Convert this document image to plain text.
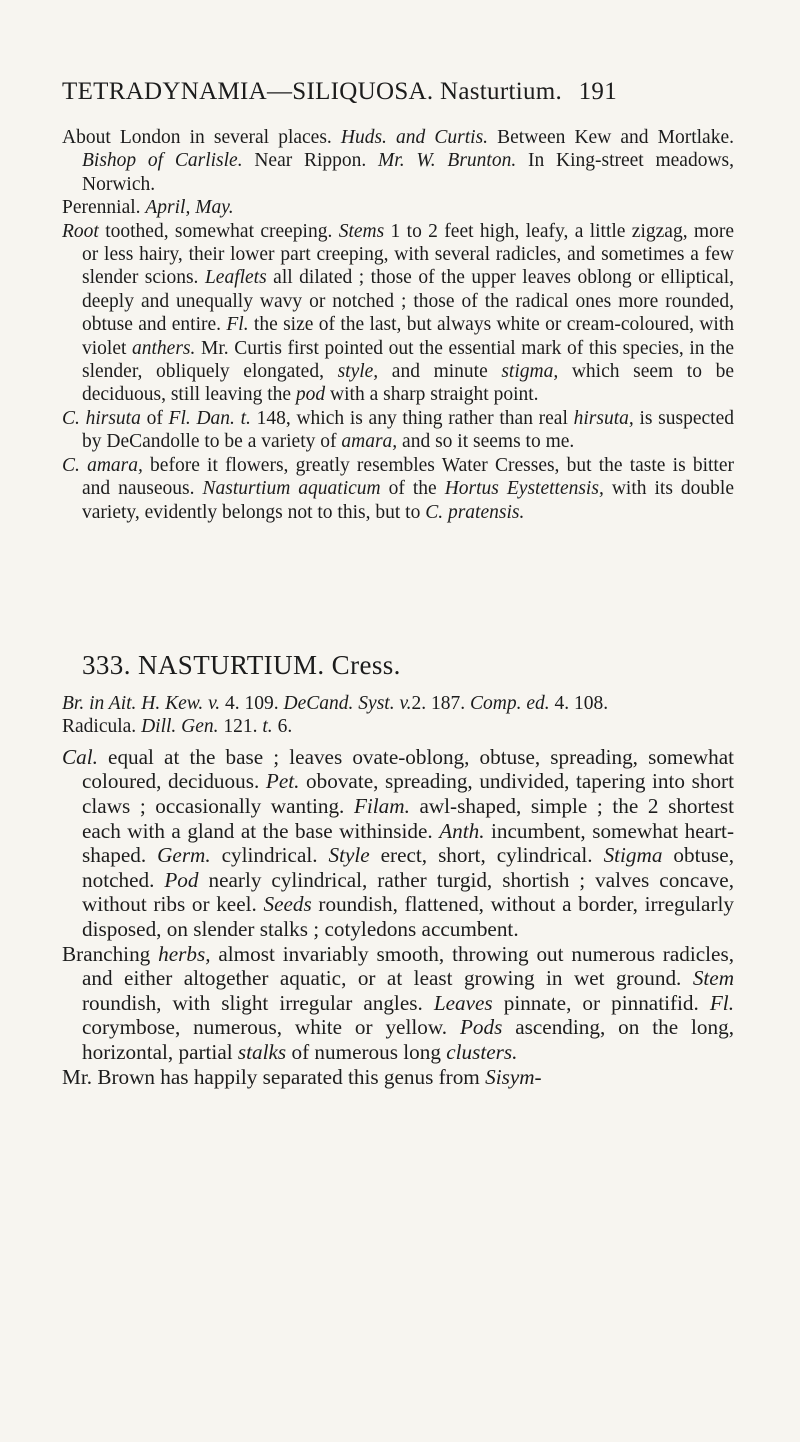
TETRADYNAMIA—SILIQUOSA. Nasturtium. 191

About London in several places. Huds. and Curtis. Between Kew and Mortlake. Bishop of Carlisle. Near Rippon. Mr. W. Brunton. In King-street meadows, Norwich.

Perennial. April, May.

Root toothed, somewhat creeping. Stems 1 to 2 feet high, leafy, a little zigzag, more or less hairy, their lower part creeping, with several radicles, and sometimes a few slender scions. Leaflets all dilated ; those of the upper leaves oblong or elliptical, deeply and unequally wavy or notched ; those of the radical ones more rounded, obtuse and entire. Fl. the size of the last, but always white or cream-coloured, with violet anthers. Mr. Curtis first pointed out the essential mark of this species, in the slender, obliquely elongated, style, and minute stigma, which seem to be deciduous, still leaving the pod with a sharp straight point.

C. hirsuta of Fl. Dan. t. 148, which is any thing rather than real hirsuta, is suspected by DeCandolle to be a variety of amara, and so it seems to me.

C. amara, before it flowers, greatly resembles Water Cresses, but the taste is bitter and nauseous. Nasturtium aquaticum of the Hortus Eystettensis, with its double variety, evidently belongs not to this, but to C. pratensis.

333. NASTURTIUM. Cress.

Br. in Ait. H. Kew. v. 4. 109. DeCand. Syst. v.2. 187. Comp. ed. 4. 108.

Radicula. Dill. Gen. 121. t. 6.

Cal. equal at the base ; leaves ovate-oblong, obtuse, spreading, somewhat coloured, deciduous. Pet. obovate, spreading, undivided, tapering into short claws ; occasionally wanting. Filam. awl-shaped, simple ; the 2 shortest each with a gland at the base withinside. Anth. incumbent, somewhat heart-shaped. Germ. cylindrical. Style erect, short, cylindrical. Stigma obtuse, notched. Pod nearly cylindrical, rather turgid, shortish ; valves concave, without ribs or keel. Seeds roundish, flattened, without a border, irregularly disposed, on slender stalks ; cotyledons accumbent.

Branching herbs, almost invariably smooth, throwing out numerous radicles, and either altogether aquatic, or at least growing in wet ground. Stem roundish, with slight irregular angles. Leaves pinnate, or pinnatifid. Fl. corymbose, numerous, white or yellow. Pods ascending, on the long, horizontal, partial stalks of numerous long clusters.

Mr. Brown has happily separated this genus from Sisym-
